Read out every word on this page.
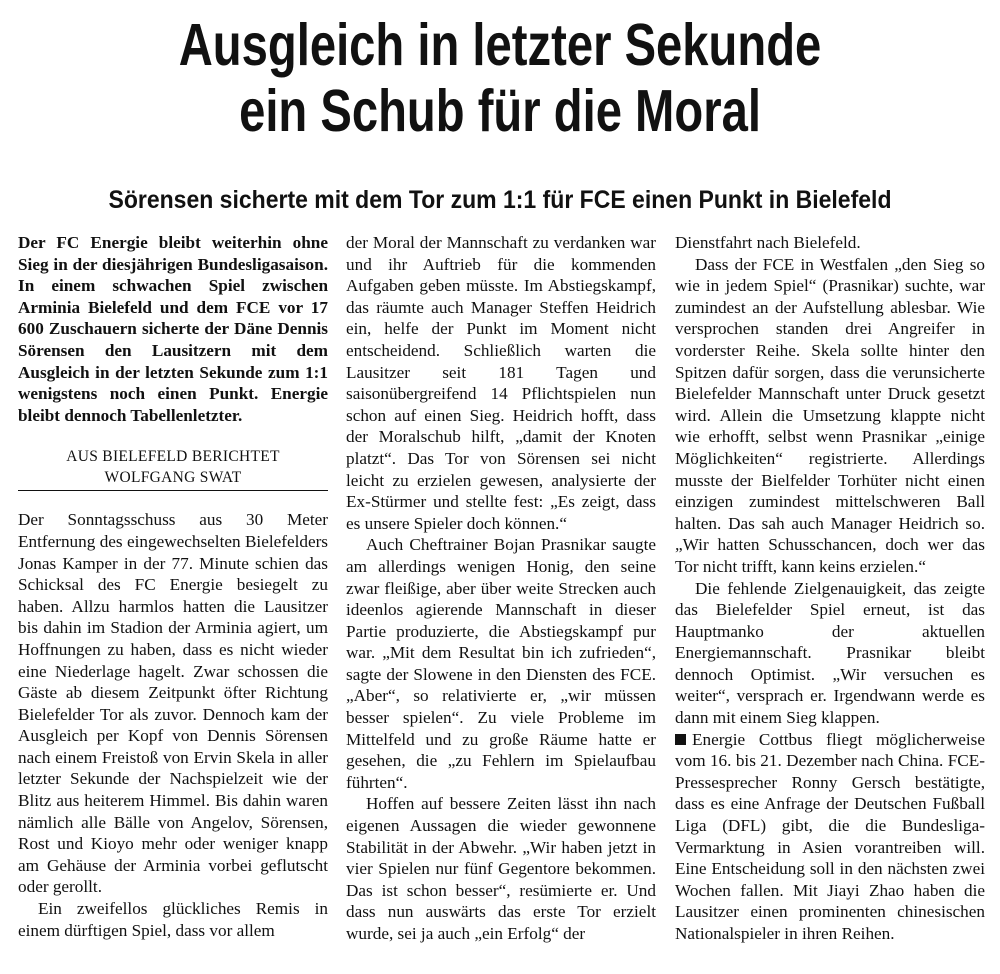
Ausgleich in letzter Sekunde
ein Schub für die Moral
Sörensen sicherte mit dem Tor zum 1:1 für FCE einen Punkt in Bielefeld

Der FC Energie bleibt weiterhin ohne Sieg in der diesjährigen Bundesligasaison. In einem schwachen Spiel zwischen Arminia Bielefeld und dem FCE vor 17 600 Zuschauern sicherte der Däne Dennis Sörensen den Lausitzern mit dem Ausgleich in der letzten Sekunde zum 1:1 wenigstens noch einen Punkt. Energie bleibt dennoch Tabellenletzter.

AUS BIELEFELD BERICHTET
WOLFGANG SWAT

Der Sonntagsschuss aus 30 Meter Entfernung des eingewechselten Bielefelders Jonas Kamper in der 77. Minute schien das Schicksal des FC Energie besiegelt zu haben. Allzu harmlos hatten die Lausitzer bis dahin im Stadion der Arminia agiert, um Hoffnungen zu haben, dass es nicht wieder eine Niederlage hagelt. Zwar schossen die Gäste ab diesem Zeitpunkt öfter Richtung Bielefelder Tor als zuvor. Dennoch kam der Ausgleich per Kopf von Dennis Sörensen nach einem Freistoß von Ervin Skela in aller letzter Sekunde der Nachspielzeit wie der Blitz aus heiterem Himmel. Bis dahin waren nämlich alle Bälle von Angelov, Sörensen, Rost und Kioyo mehr oder weniger knapp am Gehäuse der Arminia vorbei geflutscht oder gerollt.

Ein zweifellos glückliches Remis in einem dürftigen Spiel, dass vor allem

der Moral der Mannschaft zu verdanken war und ihr Auftrieb für die kommenden Aufgaben geben müsste. Im Abstiegskampf, das räumte auch Manager Steffen Heidrich ein, helfe der Punkt im Moment nicht entscheidend. Schließlich warten die Lausitzer seit 181 Tagen und saisonübergreifend 14 Pflichtspielen nun schon auf einen Sieg. Heidrich hofft, dass der Moralschub hilft, „damit der Knoten platzt“. Das Tor von Sörensen sei nicht leicht zu erzielen gewesen, analysierte der Ex-Stürmer und stellte fest: „Es zeigt, dass es unsere Spieler doch können.“

Auch Cheftrainer Bojan Prasnikar saugte am allerdings wenigen Honig, den seine zwar fleißige, aber über weite Strecken auch ideenlos agierende Mannschaft in dieser Partie produzierte, die Abstiegskampf pur war. „Mit dem Resultat bin ich zufrieden“, sagte der Slowene in den Diensten des FCE. „Aber“, so relativierte er, „wir müssen besser spielen“. Zu viele Probleme im Mittelfeld und zu große Räume hatte er gesehen, die „zu Fehlern im Spielaufbau führten“.

Hoffen auf bessere Zeiten lässt ihn nach eigenen Aussagen die wieder gewonnene Stabilität in der Abwehr. „Wir haben jetzt in vier Spielen nur fünf Gegentore bekommen. Das ist schon besser“, resümierte er. Und dass nun auswärts das erste Tor erzielt wurde, sei ja auch „ein Erfolg“ der

Dienstfahrt nach Bielefeld.

Dass der FCE in Westfalen „den Sieg so wie in jedem Spiel“ (Prasnikar) suchte, war zumindest an der Aufstellung ablesbar. Wie versprochen standen drei Angreifer in vorderster Reihe. Skela sollte hinter den Spitzen dafür sorgen, dass die verunsicherte Bielefelder Mannschaft unter Druck gesetzt wird. Allein die Umsetzung klappte nicht wie erhofft, selbst wenn Prasnikar „einige Möglichkeiten“ registrierte. Allerdings musste der Bielfelder Torhüter nicht einen einzigen zumindest mittelschweren Ball halten. Das sah auch Manager Heidrich so. „Wir hatten Schusschancen, doch wer das Tor nicht trifft, kann keins erzielen.“

Die fehlende Zielgenauigkeit, das zeigte das Bielefelder Spiel erneut, ist das Hauptmanko der aktuellen Energiemannschaft. Prasnikar bleibt dennoch Optimist. „Wir versuchen es weiter“, versprach er. Irgendwann werde es dann mit einem Sieg klappen.

Energie Cottbus fliegt möglicherweise vom 16. bis 21. Dezember nach China. FCE-Pressesprecher Ronny Gersch bestätigte, dass es eine Anfrage der Deutschen Fußball Liga (DFL) gibt, die die Bundesliga-Vermarktung in Asien vorantreiben will. Eine Entscheidung soll in den nächsten zwei Wochen fallen. Mit Jiayi Zhao haben die Lausitzer einen prominenten chinesischen Nationalspieler in ihren Reihen.
